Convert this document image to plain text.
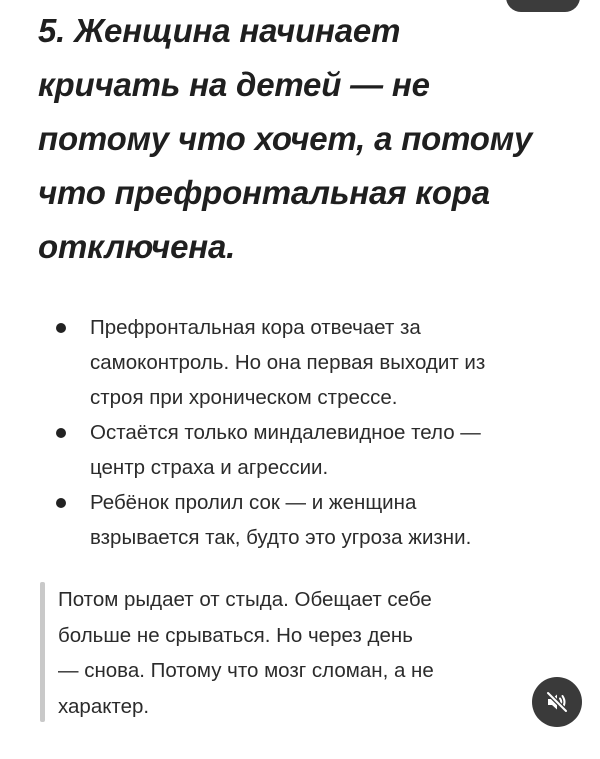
5. Женщина начинает
кричать на детей — не
потому что хочет, а потому
что префронтальная кора
отключена.
Префронтальная кора отвечает за
самоконтроль. Но она первая выходит из
строя при хроническом стрессе.
Остаётся только миндалевидное тело —
центр страха и агрессии.
Ребёнок пролил сок — и женщина
взрывается так, будто это угроза жизни.

Потом рыдает от стыда. Обещает себе
больше не срываться. Но через день
— снова. Потому что мозг сломан, а не
характер.
